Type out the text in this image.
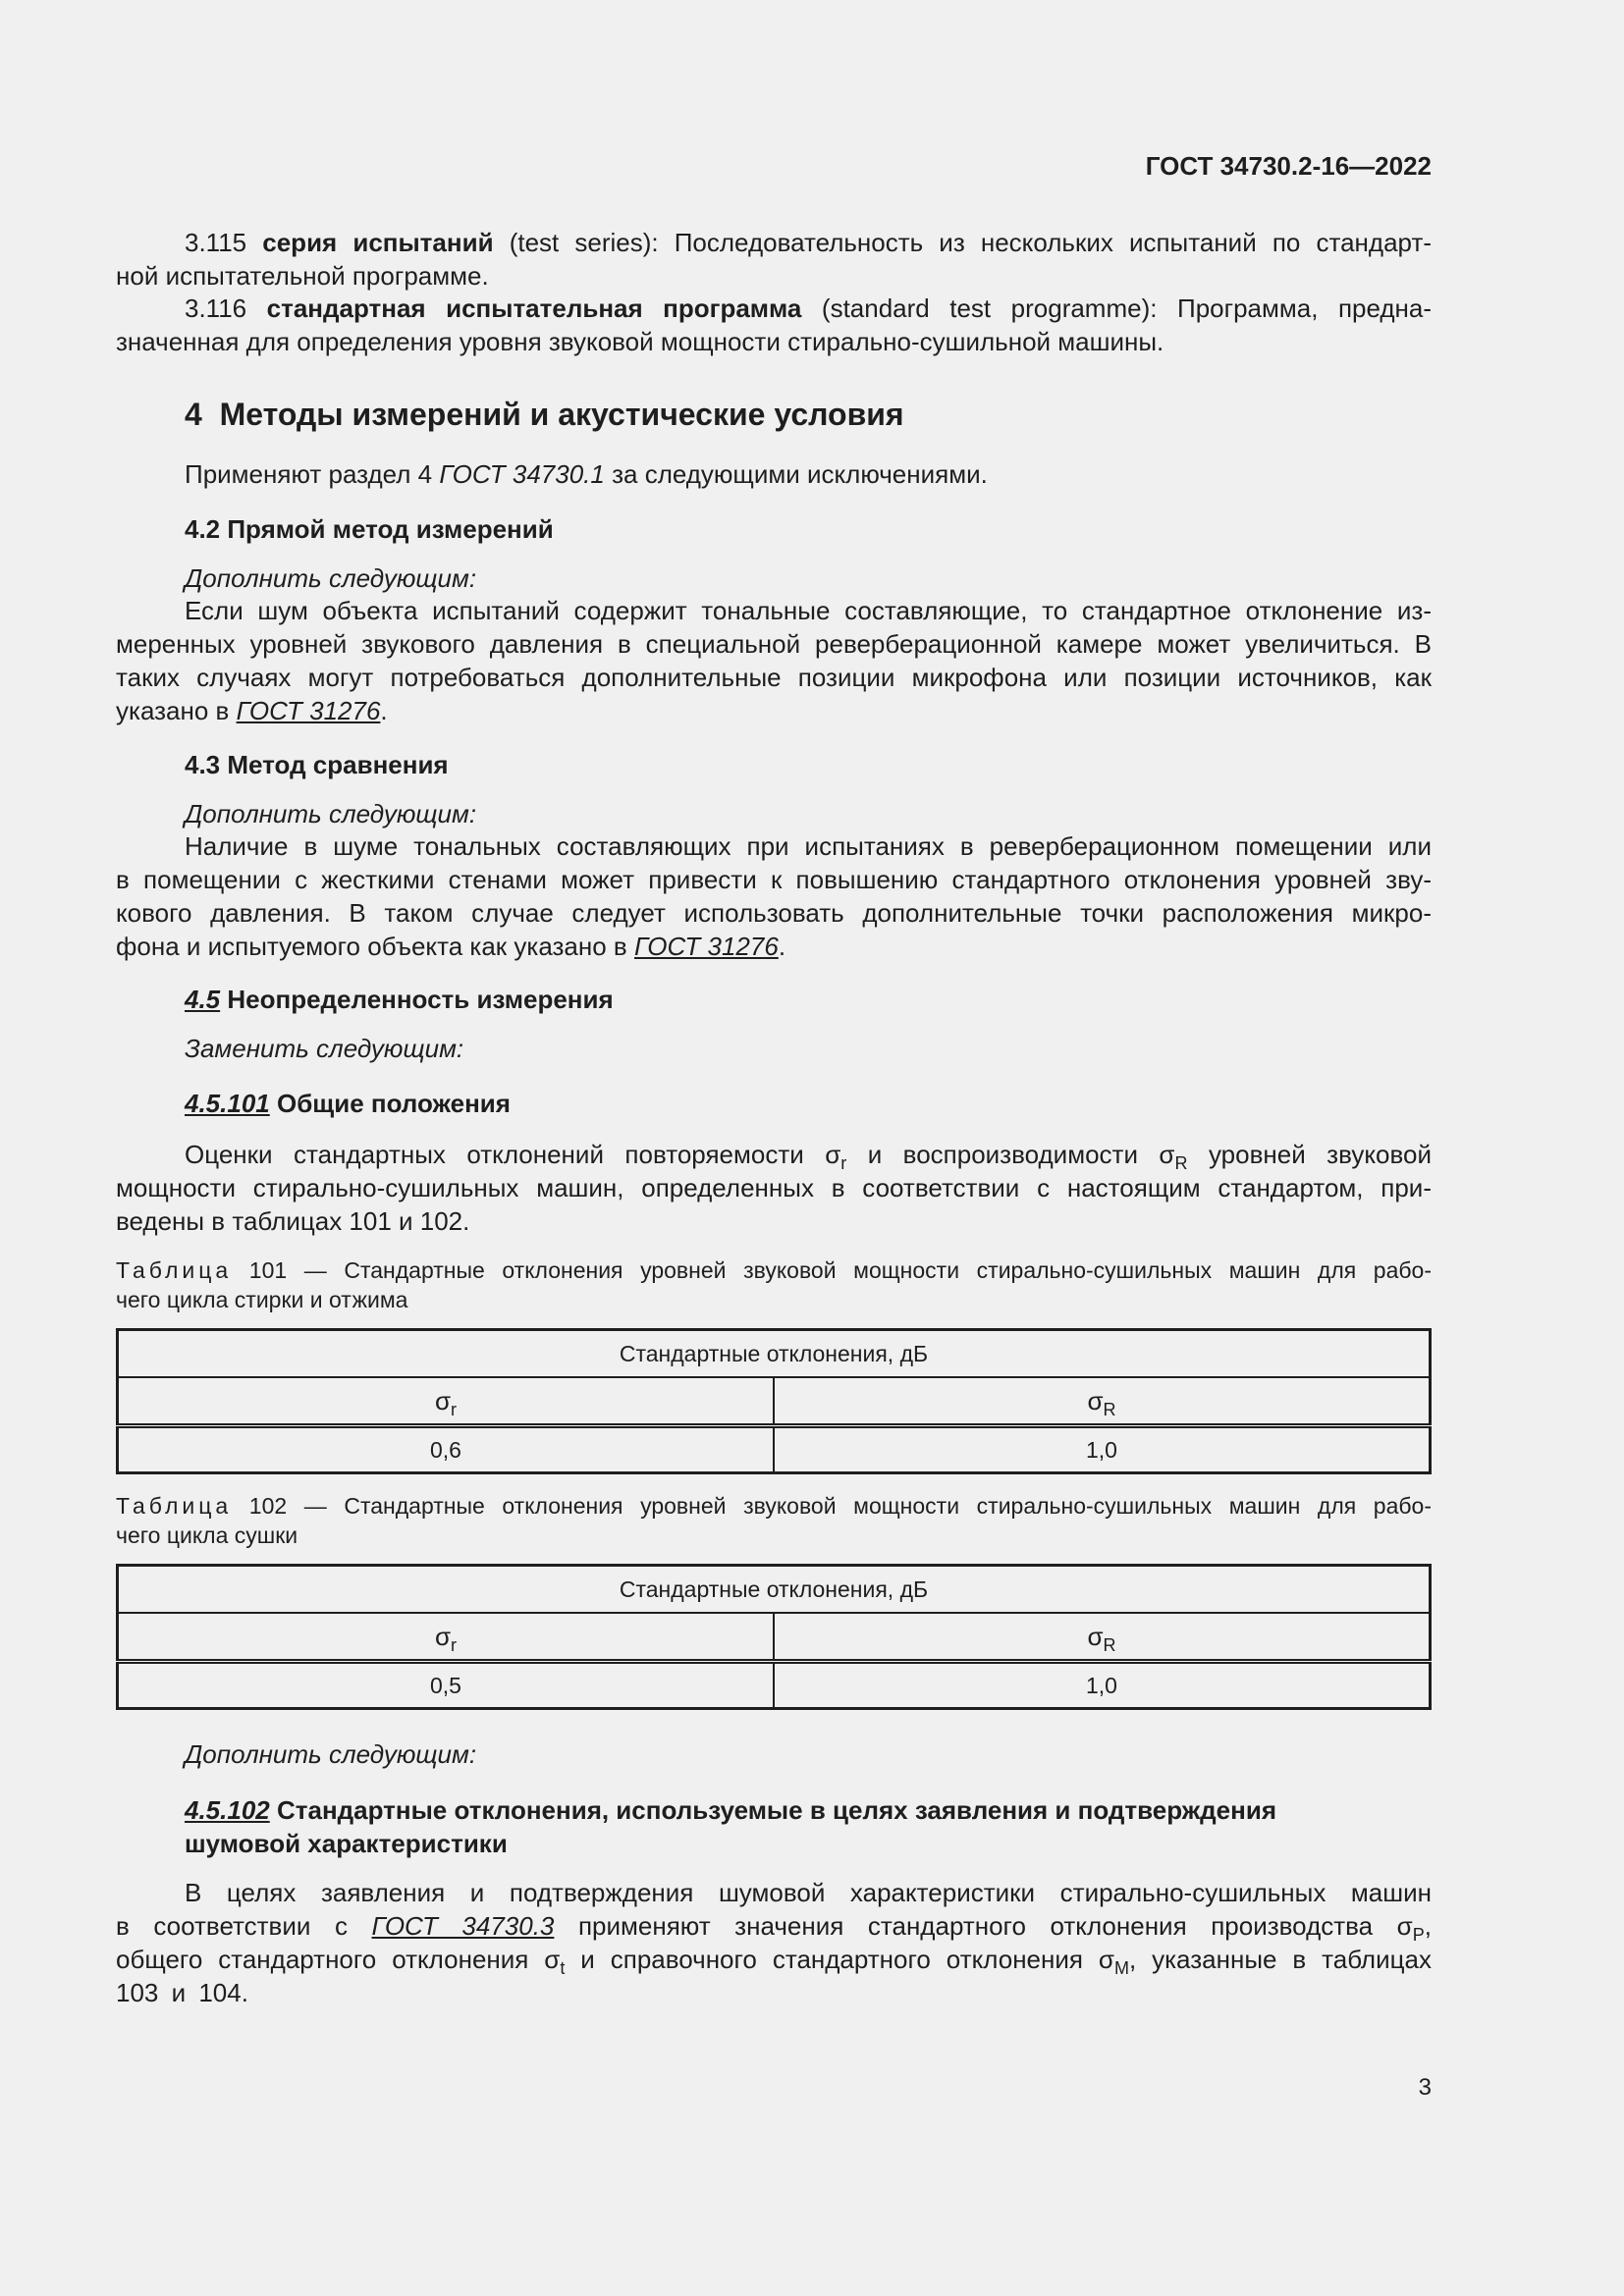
ГОСТ 34730.2-16—2022
3.115 серия испытаний (test series): Последовательность из нескольких испытаний по стандарт-
ной испытательной программе.
3.116 стандартная испытательная программа (standard test programme): Программа, предна-
значенная для определения уровня звуковой мощности стирально-сушильной машины.
4 Методы измерений и акустические условия
Применяют раздел 4 ГОСТ 34730.1 за следующими исключениями.
4.2 Прямой метод измерений
Дополнить следующим:
Если шум объекта испытаний содержит тональные составляющие, то стандартное отклонение из-
меренных уровней звукового давления в специальной реверберационной камере может увеличиться. В
таких случаях могут потребоваться дополнительные позиции микрофона или позиции источников, как
указано в ГОСТ 31276.
4.3 Метод сравнения
Дополнить следующим:
Наличие в шуме тональных составляющих при испытаниях в реверберационном помещении или
в помещении с жесткими стенами может привести к повышению стандартного отклонения уровней зву-
кового давления. В таком случае следует использовать дополнительные точки расположения микро-
фона и испытуемого объекта как указано в ГОСТ 31276.
4.5 Неопределенность измерения
Заменить следующим:
4.5.101 Общие положения
Оценки стандартных отклонений повторяемости $\sigma_r$ и воспроизводимости $\sigma_R$ уровней звуковой
мощности стирально-сушильных машин, определенных в соответствии с настоящим стандартом, при-
ведены в таблицах 101 и 102.
Таблица 101 — Стандартные отклонения уровней звуковой мощности стирально-сушильных машин для рабо-
чего цикла стирки и отжима
Стандартные отклонения, дБ	
$\sigma_r$	$\sigma_R$
0,6	1,0
Таблица 102 — Стандартные отклонения уровней звуковой мощности стирально-сушильных машин для рабо-
чего цикла сушки
Стандартные отклонения, дБ	
$\sigma_r$	$\sigma_R$
0,5	1,0
Дополнить следующим:
4.5.102 Стандартные отклонения, используемые в целях заявления и подтверждения
шумовой характеристики
В целях заявления и подтверждения шумовой характеристики стирально-сушильных машин
в соответствии с ГОСТ 34730.3 применяют значения стандартного отклонения производства $\sigma_P$,
общего стандартного отклонения $\sigma_t$ и справочного стандартного отклонения $\sigma_M$, указанные в таблицах
103 и 104.
3
